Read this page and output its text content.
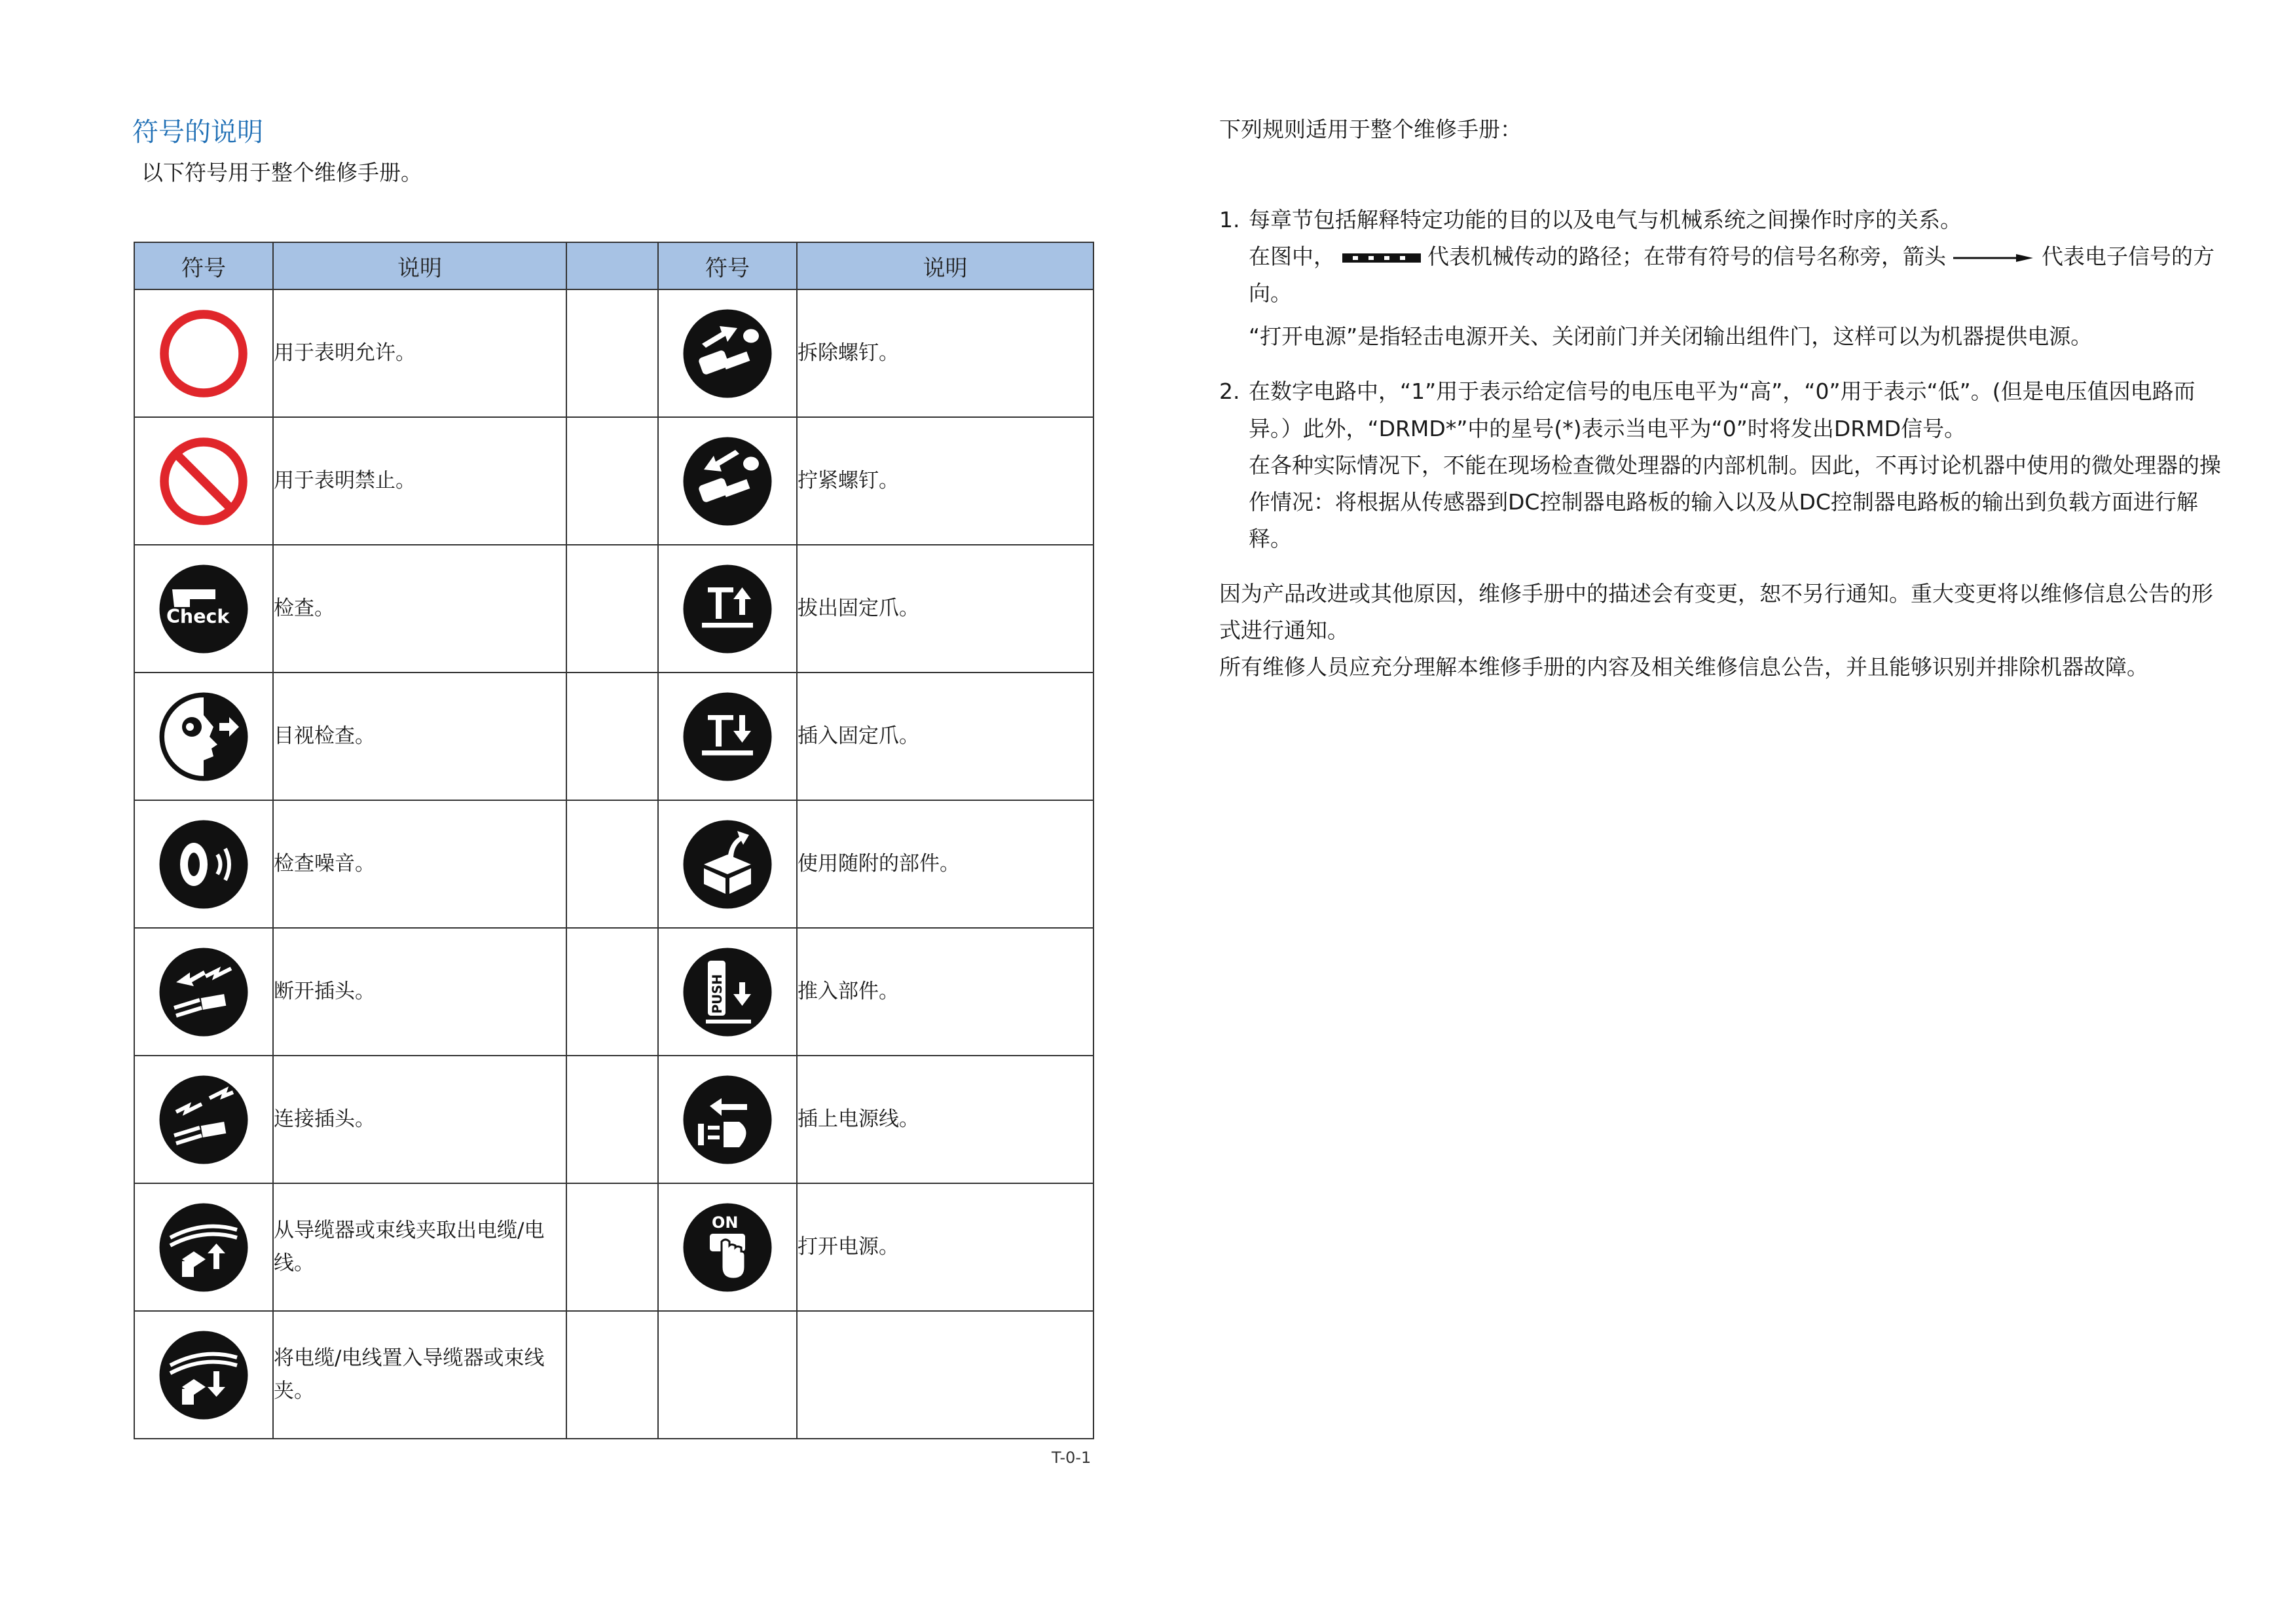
符号的说明
以下符号用于整个维修手册。
符号	说明		符号	说明

	用于表明允许。			拆除螺钉。

	用于表明禁止。			拧紧螺钉。

Check	检查。			拔出固定爪。

	目视检查。			插入固定爪。

	检查噪音。			使用随附的部件。

	断开插头。		PUSH	推入部件。

	连接插头。			插上电源线。

	从导缆器或束线夹取出电缆/电线。		ON	打开电源。

	将电缆/电线置入导缆器或束线夹。			
T-0-1

下列规则适用于整个维修手册：

1. 每章节包括解释特定功能的目的以及电气与机械系统之间操作时序的关系。

在图中，	代表机械传动的路径；在带有符号的信号名称旁，箭头	代表电子信号的方向。

“打开电源”是指轻击电源开关、关闭前门并关闭输出组件门，这样可以为机器提供电源。

2. 在数字电路中，“1”用于表示给定信号的电压电平为“高”，“0”用于表示“低”。(但是电压值因电路而异。）此外，“DRMD*”中的星号(*)表示当电平为“0”时将发出DRMD信号。

在各种实际情况下，不能在现场检查微处理器的内部机制。因此，不再讨论机器中使用的微处理器的操作情况：将根据从传感器到DC控制器电路板的输入以及从DC控制器电路板的输出到负载方面进行解释。

因为产品改进或其他原因，维修手册中的描述会有变更，恕不另行通知。重大变更将以维修信息公告的形式进行通知。

所有维修人员应充分理解本维修手册的内容及相关维修信息公告，并且能够识别并排除机器故障。
